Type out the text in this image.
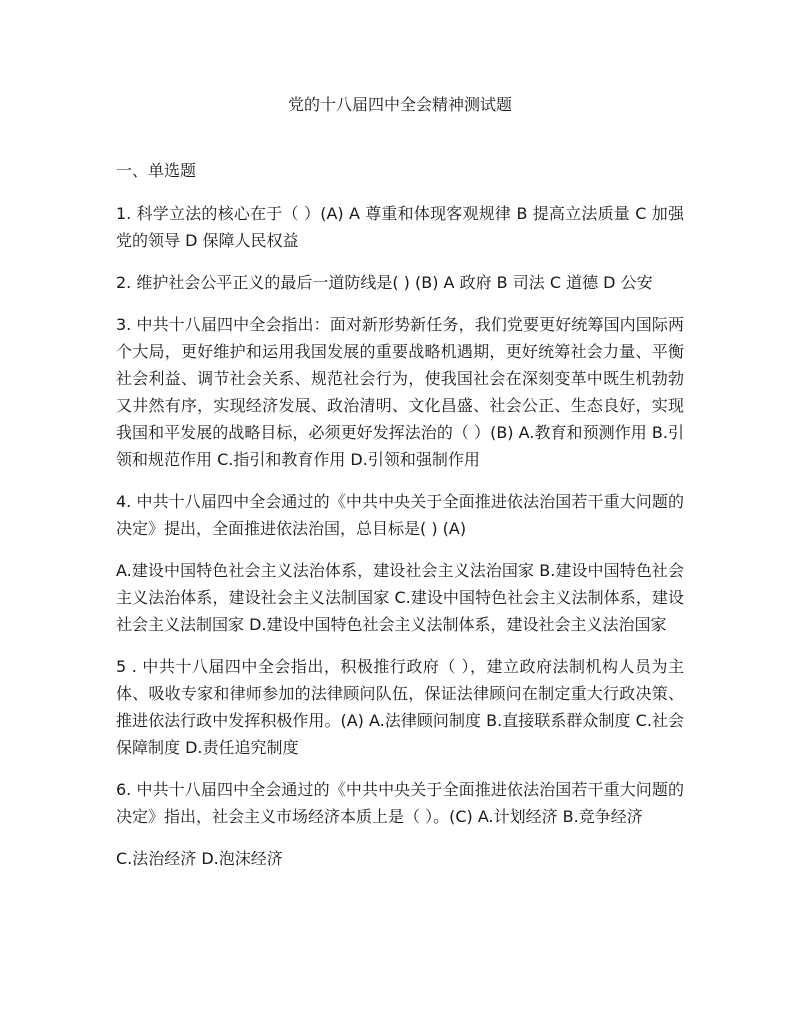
党的十八届四中全会精神测试题
一、单选题

1. 科学立法的核心在于（ ）(A) A 尊重和体现客观规律 B 提高立法质量 C 加强党的领导 D 保障人民权益

2. 维护社会公平正义的最后一道防线是( ) (B) A 政府 B 司法 C 道德 D 公安

3. 中共十八届四中全会指出：面对新形势新任务，我们党要更好统筹国内国际两个大局，更好维护和运用我国发展的重要战略机遇期，更好统筹社会力量、平衡社会利益、调节社会关系、规范社会行为，使我国社会在深刻变革中既生机勃勃又井然有序，实现经济发展、政治清明、文化昌盛、社会公正、生态良好，实现我国和平发展的战略目标，必须更好发挥法治的（ ）(B) A.教育和预测作用 B.引领和规范作用 C.指引和教育作用 D.引领和强制作用

4. 中共十八届四中全会通过的《中共中央关于全面推进依法治国若干重大问题的决定》提出，全面推进依法治国，总目标是( ) (A)

A.建设中国特色社会主义法治体系，建设社会主义法治国家 B.建设中国特色社会主义法治体系，建设社会主义法制国家 C.建设中国特色社会主义法制体系，建设社会主义法制国家 D.建设中国特色社会主义法制体系，建设社会主义法治国家

5 . 中共十八届四中全会指出，积极推行政府（ ），建立政府法制机构人员为主体、吸收专家和律师参加的法律顾问队伍，保证法律顾问在制定重大行政决策、推进依法行政中发挥积极作用。(A) A.法律顾问制度 B.直接联系群众制度 C.社会保障制度 D.责任追究制度

6. 中共十八届四中全会通过的《中共中央关于全面推进依法治国若干重大问题的决定》指出，社会主义市场经济本质上是（ ）。(C) A.计划经济 B.竞争经济

C.法治经济 D.泡沫经济
